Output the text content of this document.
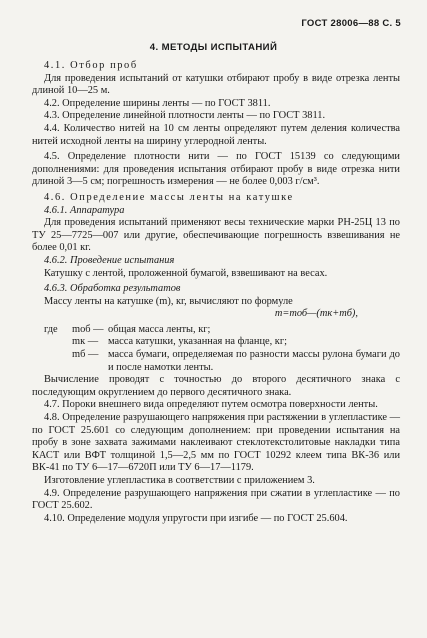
ГОСТ 28006—88 С. 5
4. МЕТОДЫ ИСПЫТАНИЙ

4.1. Отбор проб

Для проведения испытаний от катушки отбирают пробу в виде отрезка ленты длиной 10—25 м.

4.2. Определение ширины ленты — по ГОСТ 3811.

4.3. Определение линейной плотности ленты — по ГОСТ 3811.

4.4. Количество нитей на 10 см ленты определяют путем деления количества нитей исходной ленты на ширину углеродной ленты.

4.5. Определение плотности нити — по ГОСТ 15139 со следующими дополнениями: для проведения испытания отбирают пробу в виде отрезка нити длиной 3—5 см; погрешность измерения — не более 0,003 г/см³.

4.6. Определение массы ленты на катушке

4.6.1. Аппаратура

Для проведения испытаний применяют весы технические марки РН-25Ц 13 по ТУ 25—7725—007 или другие, обеспечивающие погрешность взвешивания не более 0,01 кг.

4.6.2. Проведение испытания

Катушку с лентой, проложенной бумагой, взвешивают на весах.

4.6.3. Обработка результатов

Массу ленты на катушке (m), кг, вычисляют по формуле

m=mоб—(mк+mб),

где	mоб — общая масса ленты, кг;
mк — масса катушки, указанная на фланце, кг;
mб — масса бумаги, определяемая по разности массы рулона бумаги до и после намотки ленты.

Вычисление проводят с точностью до второго десятичного знака с последующим округлением до первого десятичного знака.

4.7. Пороки внешнего вида определяют путем осмотра поверхности ленты.

4.8. Определение разрушающего напряжения при растяжении в углепластике — по ГОСТ 25.601 со следующим дополнением: при проведении испытания на пробу в зоне захвата зажимами наклеивают стеклотекстолитовые накладки типа КАСТ или ВФТ толщиной 1,5—2,5 мм по ГОСТ 10292 клеем типа ВК-36 или ВК-41 по ТУ 6—17—6720П или ТУ 6—17—1179.

Изготовление углепластика в соответствии с приложением 3.

4.9. Определение разрушающего напряжения при сжатии в углепластике — по ГОСТ 25.602.

4.10. Определение модуля упругости при изгибе — по ГОСТ 25.604.
